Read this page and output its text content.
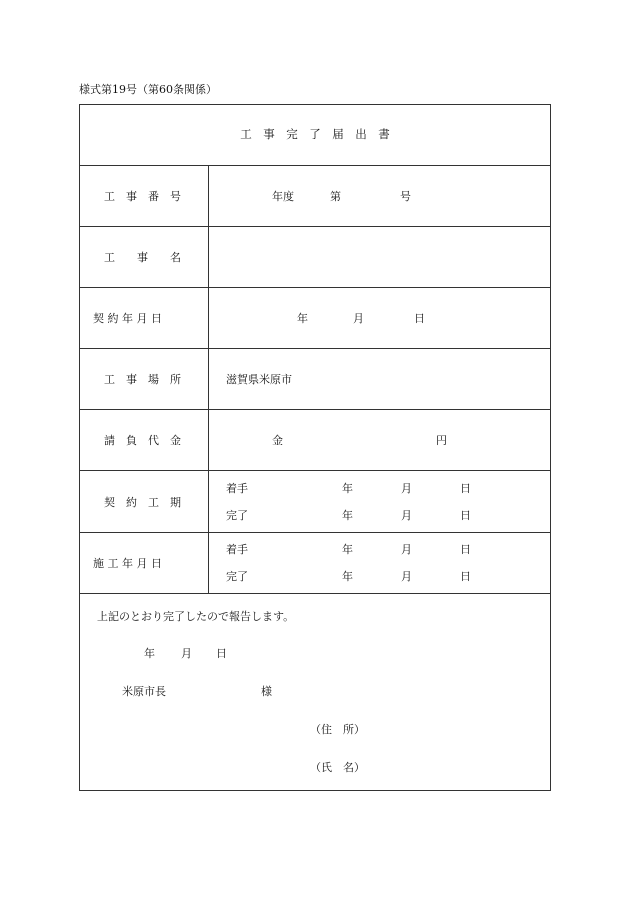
様式第19号（第60条関係）
工　事　完　了　届　出　書
工　事　番　号	年度	第	号
工　　事　　名
契 約 年 月 日	年	月	日
工　事　場　所	滋賀県米原市
請　負　代　金	金	円
契　約　工　期
着手	年	月	日
完了	年	月	日
施 工 年 月 日
着手	年	月	日
完了	年	月	日
上記のとおり完了したので報告します。
年 月 日
米原市長	様
（住　所）
（氏　名）
